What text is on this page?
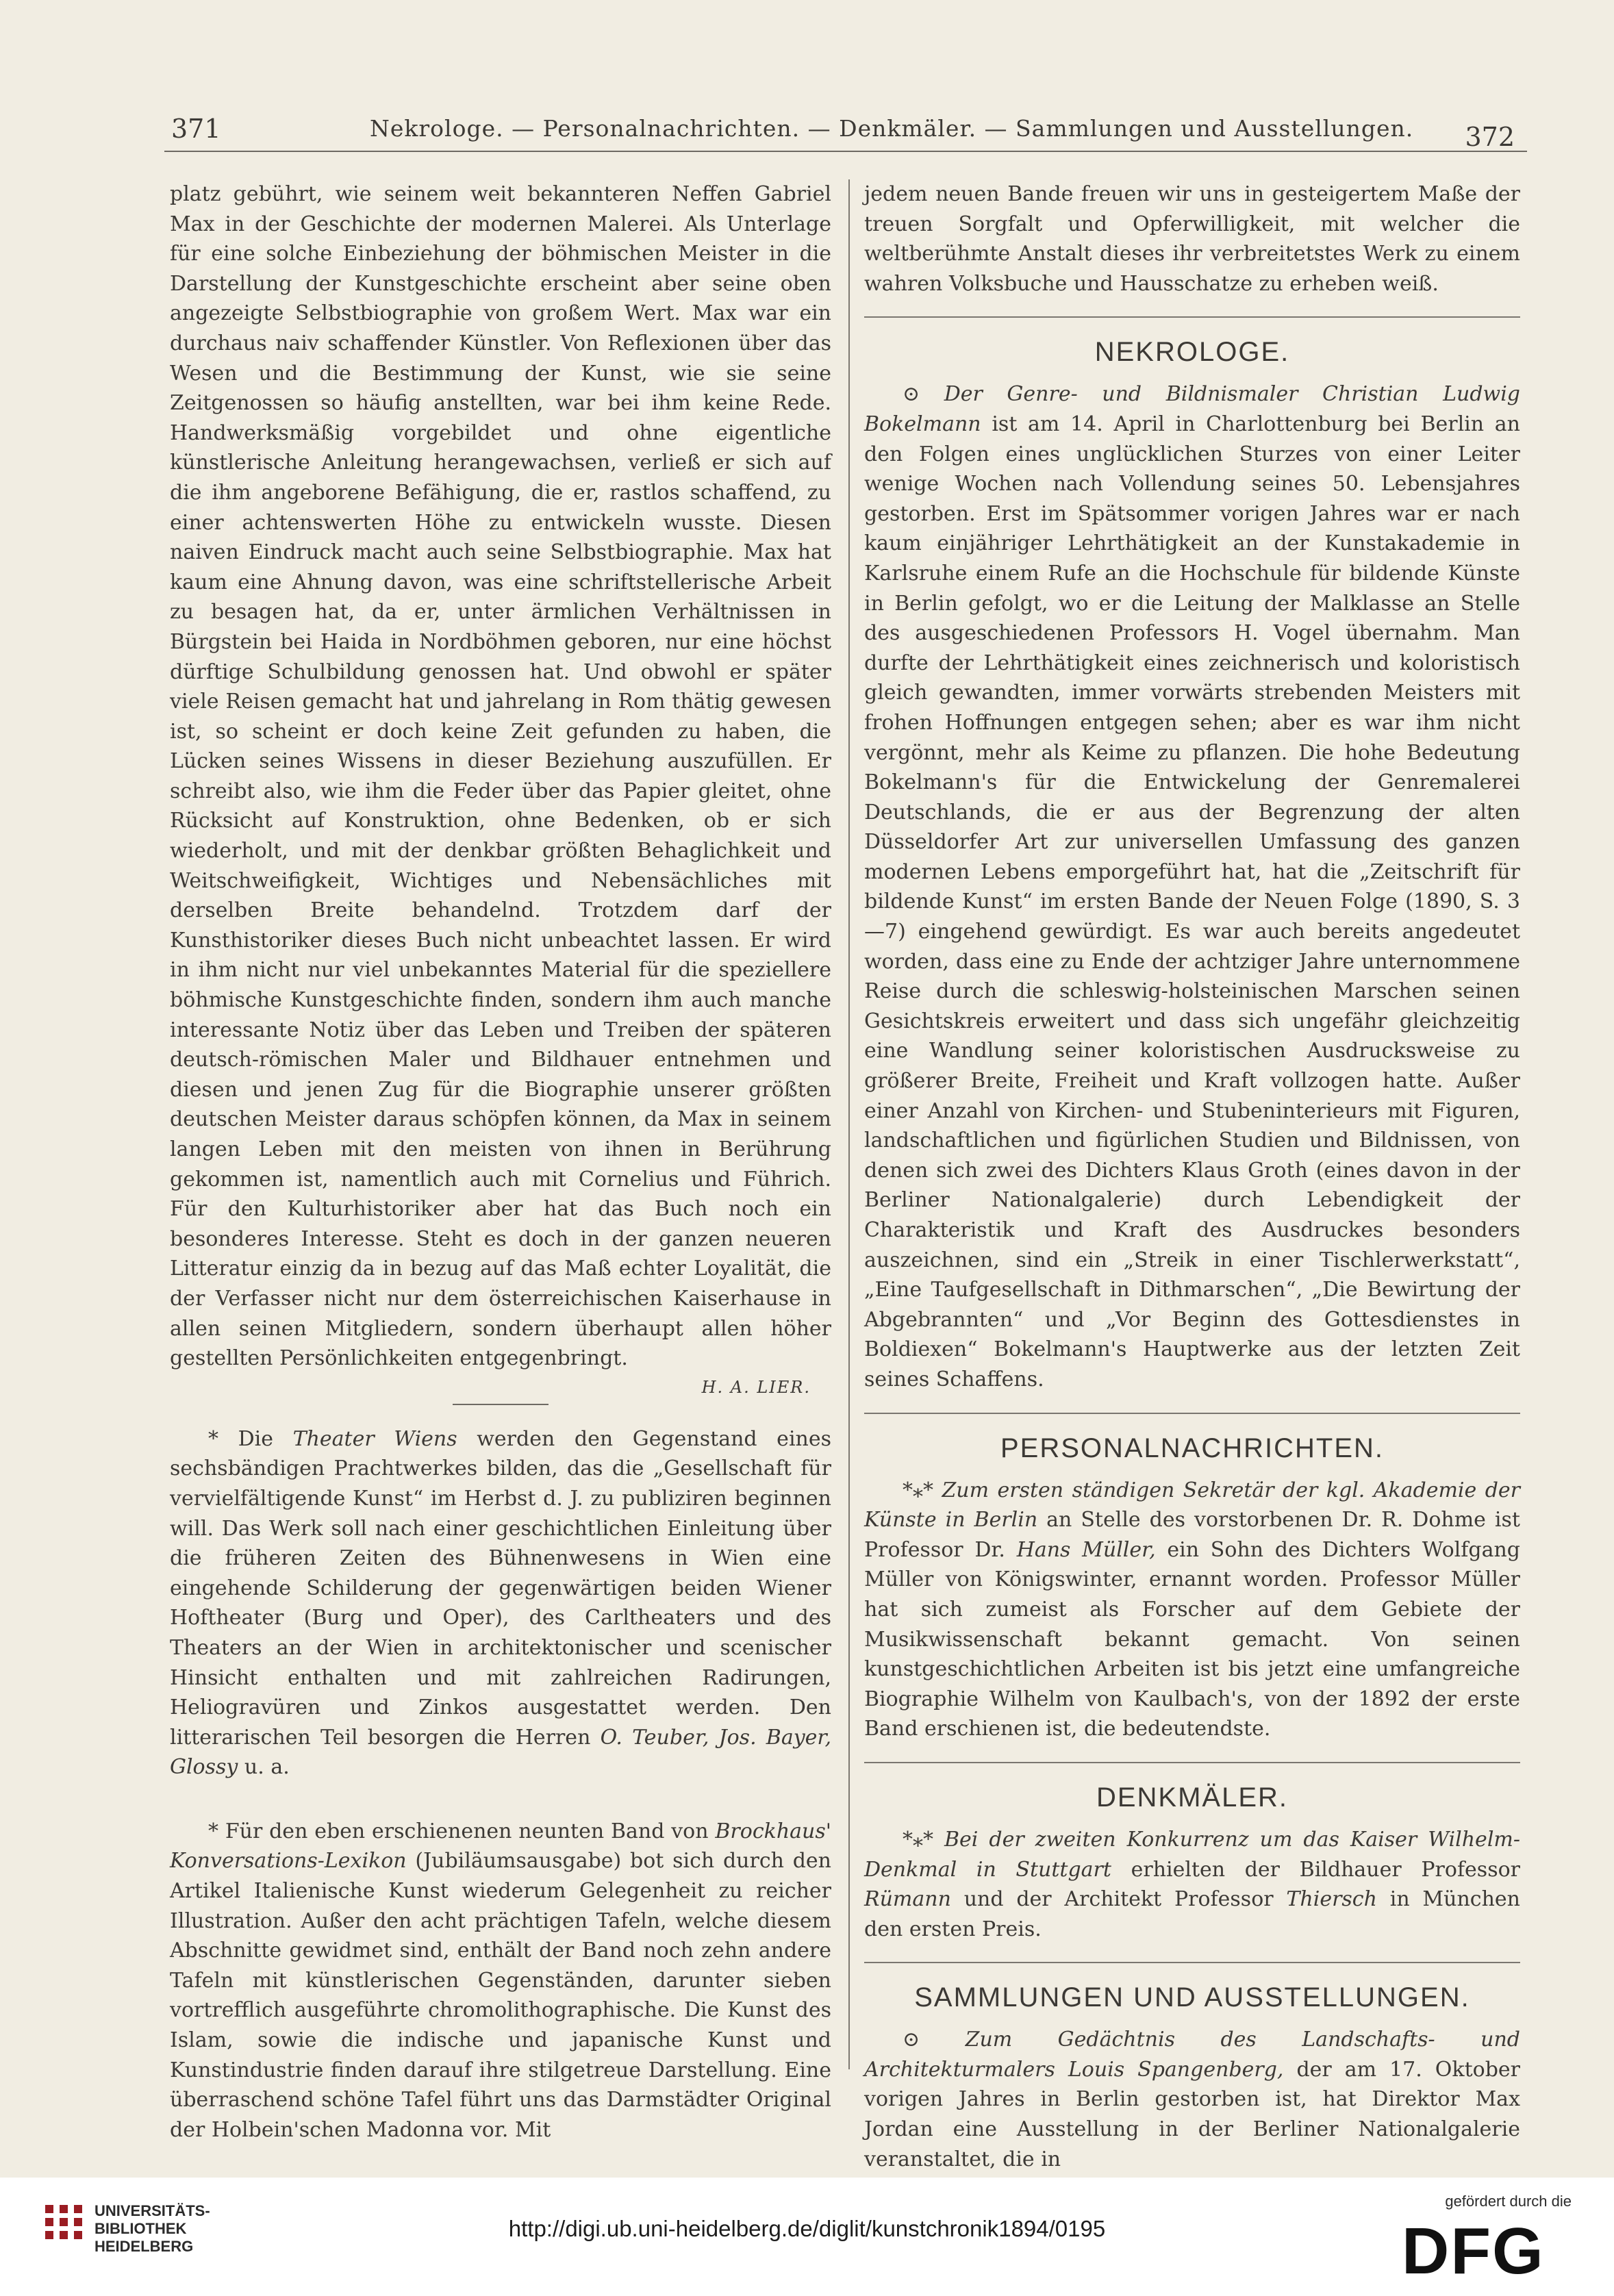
371	Nekrologe. — Personalnachrichten. — Denkmäler. — Sammlungen und Ausstellungen. 372

platz gebührt, wie seinem weit bekannteren Neffen Gabriel Max in der Geschichte der modernen Malerei. Als Unterlage für eine solche Einbeziehung der böhmischen Meister in die Darstellung der Kunstgeschichte erscheint aber seine oben angezeigte Selbstbiographie von großem Wert. Max war ein durchaus naiv schaffender Künstler. Von Reflexionen über das Wesen und die Bestimmung der Kunst, wie sie seine Zeitgenossen so häufig anstellten, war bei ihm keine Rede. Handwerksmäßig vorgebildet und ohne eigentliche künstlerische Anleitung herangewachsen, verließ er sich auf die ihm angeborene Befähigung, die er, rastlos schaffend, zu einer achtenswerten Höhe zu entwickeln wusste. Diesen naiven Eindruck macht auch seine Selbstbiographie. Max hat kaum eine Ahnung davon, was eine schriftstellerische Arbeit zu besagen hat, da er, unter ärmlichen Verhältnissen in Bürgstein bei Haida in Nordböhmen geboren, nur eine höchst dürftige Schulbildung genossen hat. Und obwohl er später viele Reisen gemacht hat und jahrelang in Rom thätig gewesen ist, so scheint er doch keine Zeit gefunden zu haben, die Lücken seines Wissens in dieser Beziehung auszufüllen. Er schreibt also, wie ihm die Feder über das Papier gleitet, ohne Rücksicht auf Konstruktion, ohne Bedenken, ob er sich wiederholt, und mit der denkbar größten Behaglichkeit und Weitschweifigkeit, Wichtiges und Nebensächliches mit derselben Breite behandelnd. Trotzdem darf der Kunsthistoriker dieses Buch nicht unbeachtet lassen. Er wird in ihm nicht nur viel unbekanntes Material für die speziellere böhmische Kunstgeschichte finden, sondern ihm auch manche interessante Notiz über das Leben und Treiben der späteren deutsch-römischen Maler und Bildhauer entnehmen und diesen und jenen Zug für die Biographie unserer größten deutschen Meister daraus schöpfen können, da Max in seinem langen Leben mit den meisten von ihnen in Berührung gekommen ist, namentlich auch mit Cornelius und Führich. Für den Kulturhistoriker aber hat das Buch noch ein besonderes Interesse. Steht es doch in der ganzen neueren Litteratur einzig da in bezug auf das Maß echter Loyalität, die der Verfasser nicht nur dem österreichischen Kaiserhause in allen seinen Mitgliedern, sondern überhaupt allen höher gestellten Persönlichkeiten entgegenbringt.

H. A. LIER.

* Die Theater Wiens werden den Gegenstand eines sechsbändigen Prachtwerkes bilden, das die „Gesellschaft für vervielfältigende Kunst“ im Herbst d. J. zu publiziren beginnen will. Das Werk soll nach einer geschichtlichen Einleitung über die früheren Zeiten des Bühnenwesens in Wien eine eingehende Schilderung der gegenwärtigen beiden Wiener Hoftheater (Burg und Oper), des Carltheaters und des Theaters an der Wien in architektonischer und scenischer Hinsicht enthalten und mit zahlreichen Radirungen, Heliogravüren und Zinkos ausgestattet werden. Den litterarischen Teil besorgen die Herren O. Teuber, Jos. Bayer, Glossy u. a.

* Für den eben erschienenen neunten Band von Brockhaus' Konversations-Lexikon (Jubiläumsausgabe) bot sich durch den Artikel Italienische Kunst wiederum Gelegenheit zu reicher Illustration. Außer den acht prächtigen Tafeln, welche diesem Abschnitte gewidmet sind, enthält der Band noch zehn andere Tafeln mit künstlerischen Gegenständen, darunter sieben vortrefflich ausgeführte chromolithographische. Die Kunst des Islam, sowie die indische und japanische Kunst und Kunstindustrie finden darauf ihre stilgetreue Darstellung. Eine überraschend schöne Tafel führt uns das Darmstädter Original der Holbein'schen Madonna vor. Mit

jedem neuen Bande freuen wir uns in gesteigertem Maße der treuen Sorgfalt und Opferwilligkeit, mit welcher die weltberühmte Anstalt dieses ihr verbreitetstes Werk zu einem wahren Volksbuche und Hausschatze zu erheben weiß.

NEKROLOGE.

⊙ Der Genre- und Bildnismaler Christian Ludwig Bokelmann ist am 14. April in Charlottenburg bei Berlin an den Folgen eines unglücklichen Sturzes von einer Leiter wenige Wochen nach Vollendung seines 50. Lebensjahres gestorben. Erst im Spätsommer vorigen Jahres war er nach kaum einjähriger Lehrthätigkeit an der Kunstakademie in Karlsruhe einem Rufe an die Hochschule für bildende Künste in Berlin gefolgt, wo er die Leitung der Malklasse an Stelle des ausgeschiedenen Professors H. Vogel übernahm. Man durfte der Lehrthätigkeit eines zeichnerisch und koloristisch gleich gewandten, immer vorwärts strebenden Meisters mit frohen Hoffnungen entgegen sehen; aber es war ihm nicht vergönnt, mehr als Keime zu pflanzen. Die hohe Bedeutung Bokelmann's für die Entwickelung der Genremalerei Deutschlands, die er aus der Begrenzung der alten Düsseldorfer Art zur universellen Umfassung des ganzen modernen Lebens emporgeführt hat, hat die „Zeitschrift für bildende Kunst“ im ersten Bande der Neuen Folge (1890, S. 3—7) eingehend gewürdigt. Es war auch bereits angedeutet worden, dass eine zu Ende der achtziger Jahre unternommene Reise durch die schleswig-holsteinischen Marschen seinen Gesichtskreis erweitert und dass sich ungefähr gleichzeitig eine Wandlung seiner koloristischen Ausdrucksweise zu größerer Breite, Freiheit und Kraft vollzogen hatte. Außer einer Anzahl von Kirchen- und Stubeninterieurs mit Figuren, landschaftlichen und figürlichen Studien und Bildnissen, von denen sich zwei des Dichters Klaus Groth (eines davon in der Berliner Nationalgalerie) durch Lebendigkeit der Charakteristik und Kraft des Ausdruckes besonders auszeichnen, sind ein „Streik in einer Tischlerwerkstatt“, „Eine Taufgesellschaft in Dithmarschen“, „Die Bewirtung der Abgebrannten“ und „Vor Beginn des Gottesdienstes in Boldiexen“ Bokelmann's Hauptwerke aus der letzten Zeit seines Schaffens.

PERSONALNACHRICHTEN.

*⁎* Zum ersten ständigen Sekretär der kgl. Akademie der Künste in Berlin an Stelle des vorstorbenen Dr. R. Dohme ist Professor Dr. Hans Müller, ein Sohn des Dichters Wolfgang Müller von Königswinter, ernannt worden. Professor Müller hat sich zumeist als Forscher auf dem Gebiete der Musikwissenschaft bekannt gemacht. Von seinen kunstgeschichtlichen Arbeiten ist bis jetzt eine umfangreiche Biographie Wilhelm von Kaulbach's, von der 1892 der erste Band erschienen ist, die bedeutendste.

DENKMÄLER.

*⁎* Bei der zweiten Konkurrenz um das Kaiser Wilhelm-Denkmal in Stuttgart erhielten der Bildhauer Professor Rümann und der Architekt Professor Thiersch in München den ersten Preis.

SAMMLUNGEN UND AUSSTELLUNGEN.

⊙ Zum Gedächtnis des Landschafts- und Architekturmalers Louis Spangenberg, der am 17. Oktober vorigen Jahres in Berlin gestorben ist, hat Direktor Max Jordan eine Ausstellung in der Berliner Nationalgalerie veranstaltet, die in

UNIVERSITÄTS-
BIBLIOTHEK
HEIDELBERG
http://digi.ub.uni-heidelberg.de/diglit/kunstchronik1894/0195
gefördert durch die
DFG
